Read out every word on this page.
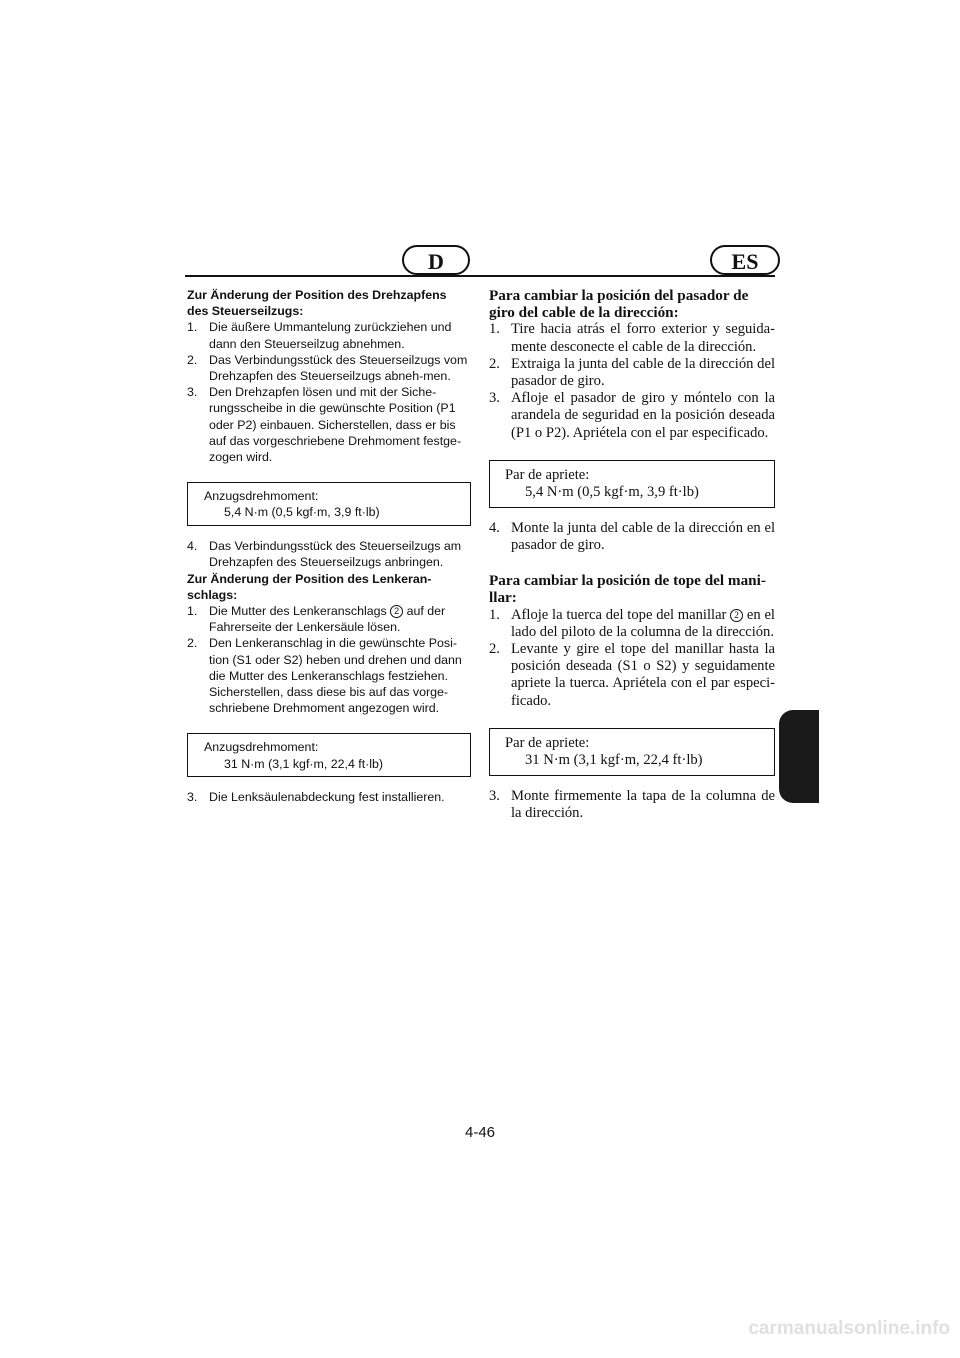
D	ES

Zur Änderung der Position des Drehzapfens des Steuerseilzugs:

1. Die äußere Ummantelung zurückziehen und dann den Steuerseilzug abnehmen.
2. Das Verbindungsstück des Steuerseilzugs vom Drehzapfen des Steuerseilzugs abneh-men.
3. Den Drehzapfen lösen und mit der Siche-rungsscheibe in die gewünschte Position (P1 oder P2) einbauen. Sicherstellen, dass er bis auf das vorgeschriebene Drehmoment festge-zogen wird.
Anzugsdrehmoment:
5,4 N·m (0,5 kgf·m, 3,9 ft·lb)
4. Das Verbindungsstück des Steuerseilzugs am Drehzapfen des Steuerseilzugs anbringen.

Zur Änderung der Position des Lenkeran-schlags:

1. Die Mutter des Lenkeranschlags 2 auf der Fahrerseite der Lenkersäule lösen.
2. Den Lenkeranschlag in die gewünschte Posi-tion (S1 oder S2) heben und drehen und dann die Mutter des Lenkeranschlags festziehen. Sicherstellen, dass diese bis auf das vorge-schriebene Drehmoment angezogen wird.
Anzugsdrehmoment:
31 N·m (3,1 kgf·m, 22,4 ft·lb)
3. Die Lenksäulenabdeckung fest installieren.

Para cambiar la posición del pasador de giro del cable de la dirección:

1. Tire hacia atrás el forro exterior y seguida-mente desconecte el cable de la dirección.
2. Extraiga la junta del cable de la dirección del pasador de giro.
3. Afloje el pasador de giro y móntelo con la arandela de seguridad en la posición deseada (P1 o P2). Apriételа con el par especificado.
Par de apriete:
5,4 N·m (0,5 kgf·m, 3,9 ft·lb)
4. Monte la junta del cable de la dirección en el pasador de giro.

Para cambiar la posición de tope del mani-llar:

1. Afloje la tuerca del tope del manillar 2 en el lado del piloto de la columna de la dirección.
2. Levante y gire el tope del manillar hasta la posición deseada (S1 o S2) y seguidamente apriete la tuerca. Apriételа con el par especi-ficado.
Par de apriete:
31 N·m (3,1 kgf·m, 22,4 ft·lb)
3. Monte firmemente la tapa de la columna de la dirección.
4-46
carmanualsonline.info
